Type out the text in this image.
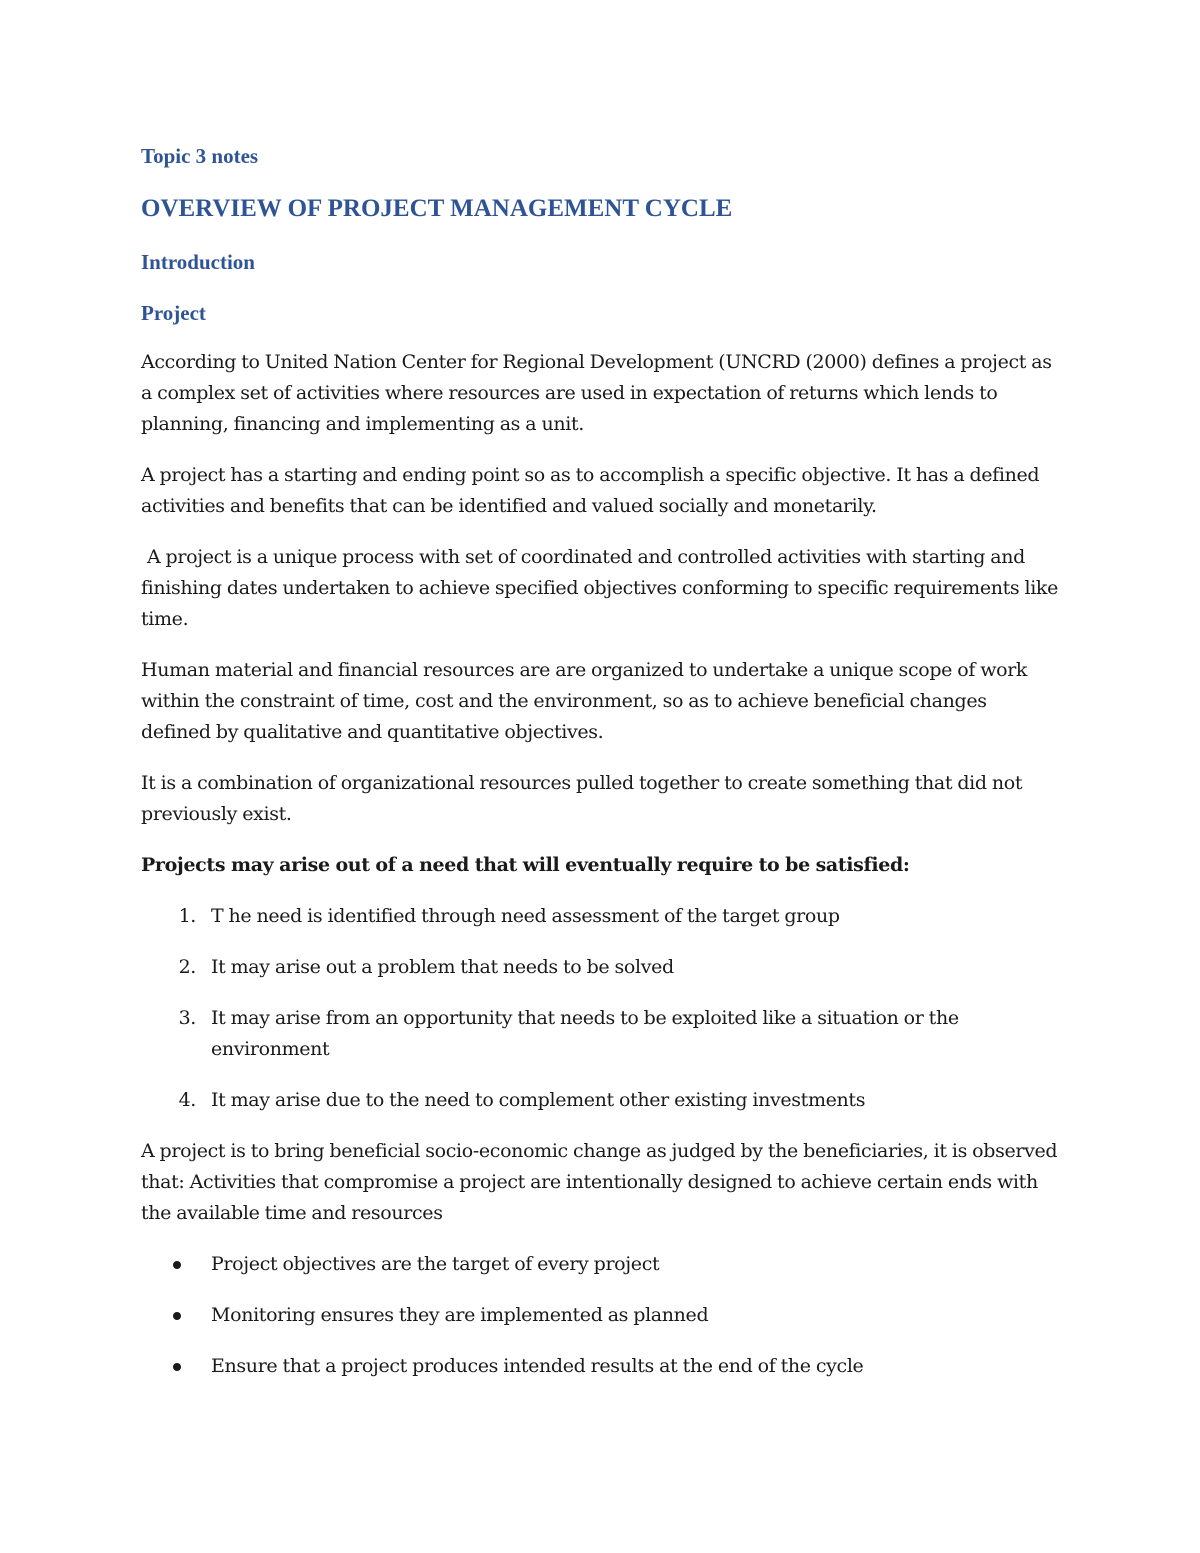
Topic 3 notes

OVERVIEW OF PROJECT MANAGEMENT CYCLE
Introduction
Project

According to United Nation Center for Regional Development (UNCRD (2000) defines a project as a complex set of activities where resources are used in expectation of returns which lends to planning, financing and implementing as a unit.

A project has a starting and ending point so as to accomplish a specific objective. It has a defined activities and benefits that can be identified and valued socially and monetarily.

A project is a unique process with set of coordinated and controlled activities with starting and finishing dates undertaken to achieve specified objectives conforming to specific requirements like time.

Human material and financial resources are are organized to undertake a unique scope of work within the constraint of time, cost and the environment, so as to achieve beneficial changes defined by qualitative and quantitative objectives.

It is a combination of organizational resources pulled together to create something that did not previously exist.

Projects may arise out of a need that will eventually require to be satisfied:

1. T he need is identified through need assessment of the target group
2. It may arise out a problem that needs to be solved
3. It may arise from an opportunity that needs to be exploited like a situation or the environment
4. It may arise due to the need to complement other existing investments

A project is to bring beneficial socio-economic change as judged by the beneficiaries, it is observed that: Activities that compromise a project are intentionally designed to achieve certain ends with the available time and resources

Project objectives are the target of every project
Monitoring ensures they are implemented as planned
Ensure that a project produces intended results at the end of the cycle
